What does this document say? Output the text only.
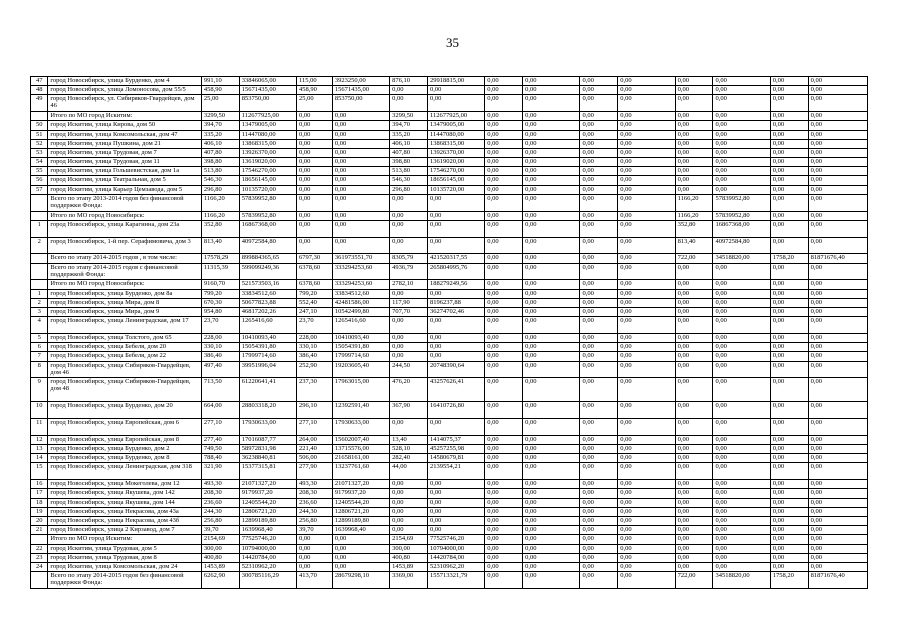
35
47	город Новосибирск, улица Бурденко, дом 4	991,10	33846065,00	115,00	3923250,00	876,10	29918815,00	0,00	0,00	0,00	0,00	0,00	0,00	0,00	0,00
48	город Новосибирск, улица Ломоносова, дом 55/5	458,90	15671435,00	458,90	15671435,00	0,00	0,00	0,00	0,00	0,00	0,00	0,00	0,00	0,00	0,00
49	город Новосибирск, ул. Сибиряков-Гвардейцев, дом 46	25,00	853750,00	25,00	853750,00	0,00	0,00	0,00	0,00	0,00	0,00	0,00	0,00	0,00	0,00
	Итого по МО город Искитим:	3299,50	112677925,00	0,00	0,00	3299,50	112677925,00	0,00	0,00	0,00	0,00	0,00	0,00	0,00	0,00
50	город Искитим, улица Кирова, дом 50	394,70	13479005,00	0,00	0,00	394,70	13479005,00	0,00	0,00	0,00	0,00	0,00	0,00	0,00	0,00
51	город Искитим, улица Комсомольская, дом 47	335,20	11447080,00	0,00	0,00	335,20	11447080,00	0,00	0,00	0,00	0,00	0,00	0,00	0,00	0,00
52	город Искитим, улица Пушкина, дом 21	406,10	13868315,00	0,00	0,00	406,10	13868315,00	0,00	0,00	0,00	0,00	0,00	0,00	0,00	0,00
53	город Искитим, улица Трудовая, дом 7	407,80	13926370,00	0,00	0,00	407,80	13926370,00	0,00	0,00	0,00	0,00	0,00	0,00	0,00	0,00
54	город Искитим, улица Трудовая, дом 11	398,80	13619020,00	0,00	0,00	398,80	13619020,00	0,00	0,00	0,00	0,00	0,00	0,00	0,00	0,00
55	город Искитим, улица Гольшевистская, дом 1а	513,80	17546270,00	0,00	0,00	513,80	17546270,00	0,00	0,00	0,00	0,00	0,00	0,00	0,00	0,00
56	город Искитим, улица Театральная, дом 5	546,30	18656145,00	0,00	0,00	546,30	18656145,00	0,00	0,00	0,00	0,00	0,00	0,00	0,00	0,00
57	город Искитим, улица Карьер Цемзавода, дом 5	296,80	10135720,00	0,00	0,00	296,80	10135720,00	0,00	0,00	0,00	0,00	0,00	0,00	0,00	0,00
	Всего по этапу 2013-2014 годов без финансовой поддержки Фонда:	1166,20	57839952,80	0,00	0,00	0,00	0,00	0,00	0,00	0,00	0,00	1166,20	57839952,80	0,00	0,00
	Итого по МО город Новосибирск:	1166,20	57839952,80	0,00	0,00	0,00	0,00	0,00	0,00	0,00	0,00	1166,20	57839952,80	0,00	0,00
1	город Новосибирск, улица Карагинна, дом 23а	352,80	16867368,00	0,00	0,00	0,00	0,00	0,00	0,00	0,00	0,00	352,80	16867368,00	0,00	0,00
2	город Новосибирск, 1-й пер. Серафимовича, дом 3	813,40	40972584,80	0,00	0,00	0,00	0,00	0,00	0,00	0,00	0,00	813,40	40972584,80	0,00	0,00
	Всего по этапу 2014-2015 годов , в том числе:	17578,29	899884365,65	6797,30	361973551,70	8305,79	421520317,55	0,00	0,00	0,00	0,00	722,00	34518820,00	1758,20	81871676,40
	Всего по этапу 2014-2015 годов с финансовой поддержкой Фонда:	11315,39	599099249,36	6378,60	333294253,60	4936,79	265804995,76	0,00	0,00	0,00	0,00	0,00	0,00	0,00	0,00
	Итого по МО город Новосибирск:	9160,70	521573503,16	6378,60	333294253,60	2782,10	188279249,56	0,00	0,00	0,00	0,00	0,00	0,00	0,00	0,00
1	город Новосибирск, улица Бурденко, дом 8а	799,20	33834512,60	799,20	33834512,60	0,00	0,00	0,00	0,00	0,00	0,00	0,00	0,00	0,00	0,00
2	город Новосибирск, улица Мира, дом 8	670,30	50677823,88	552,40	42481586,00	117,90	8196237,88	0,00	0,00	0,00	0,00	0,00	0,00	0,00	0,00
3	город Новосибирск, улица Мира, дом 9	954,80	46817202,26	247,10	10542499,80	707,70	36274702,46	0,00	0,00	0,00	0,00	0,00	0,00	0,00	0,00
4	город Новосибирск, улица Ленинградская, дом 17	23,70	1265416,60	23,70	1265416,60	0,00	0,00	0,00	0,00	0,00	0,00	0,00	0,00	0,00	0,00
5	город Новосибирск, улица Толстого, дом 65	228,00	10410093,40	228,00	10410093,40	0,00	0,00	0,00	0,00	0,00	0,00	0,00	0,00	0,00	0,00
6	город Новосибирск, улица Бебеля, дом 20	330,10	15054391,80	330,10	15054391,80	0,00	0,00	0,00	0,00	0,00	0,00	0,00	0,00	0,00	0,00
7	город Новосибирск, улица Бебеля, дом 22	386,40	17999714,60	386,40	17999714,60	0,00	0,00	0,00	0,00	0,00	0,00	0,00	0,00	0,00	0,00
8	город Новосибирск, улица Сибиряков-Гвардейцев, дом 46	497,40	39951996,04	252,90	19203605,40	244,50	20748390,64	0,00	0,00	0,00	0,00	0,00	0,00	0,00	0,00
9	город Новосибирск, улица Сибиряков-Гвардейцев, дом 48	713,50	61220641,41	237,30	17963015,00	476,20	43257626,41	0,00	0,00	0,00	0,00	0,00	0,00	0,00	0,00
10	город Новосибирск, улица Бурденко, дом 20	664,00	28803318,20	296,10	12392591,40	367,90	16410726,80	0,00	0,00	0,00	0,00	0,00	0,00	0,00	0,00
11	город Новосибирск, улица Европейская, дом 6	277,10	17930633,00	277,10	17930633,00	0,00	0,00	0,00	0,00	0,00	0,00	0,00	0,00	0,00	0,00
12	город Новосибирск, улица Европейская, дом 8	277,40	17016087,77	264,00	15602007,40	13,40	1414075,37	0,00	0,00	0,00	0,00	0,00	0,00	0,00	0,00
13	город Новосибирск, улица Бурденко, дом 2	749,50	58972831,98	221,40	13715576,00	528,10	45257255,98	0,00	0,00	0,00	0,00	0,00	0,00	0,00	0,00
14	город Новосибирск, улица Бурденко, дом 8	788,40	36238840,81	506,00	21658161,00	282,40	14580679,81	0,00	0,00	0,00	0,00	0,00	0,00	0,00	0,00
15	город Новосибирск, улица Ленинградская, дом 318	321,90	15377315,81	277,90	13237761,60	44,00	2139554,21	0,00	0,00	0,00	0,00	0,00	0,00	0,00	0,00
16	город Новосибирск, улица Мокеголева, дом 12	493,30	21071327,20	493,30	21071327,20	0,00	0,00	0,00	0,00	0,00	0,00	0,00	0,00	0,00	0,00
17	город Новосибирск, улица Якушева, дом 142	208,30	9179937,20	208,30	9179937,20	0,00	0,00	0,00	0,00	0,00	0,00	0,00	0,00	0,00	0,00
18	город Новосибирск, улица Якушева, дом 144	236,60	12405544,20	236,60	12405544,20	0,00	0,00	0,00	0,00	0,00	0,00	0,00	0,00	0,00	0,00
19	город Новосибирск, улица Некрасова, дом 43а	244,30	12806721,20	244,30	12806721,20	0,00	0,00	0,00	0,00	0,00	0,00	0,00	0,00	0,00	0,00
20	город Новосибирск, улица Некрасова, дом 43б	256,80	12899189,80	256,80	12899189,80	0,00	0,00	0,00	0,00	0,00	0,00	0,00	0,00	0,00	0,00
21	город Новосибирск, улица 2 Кирзавод, дом 7	39,70	1639968,40	39,70	1639968,40	0,00	0,00	0,00	0,00	0,00	0,00	0,00	0,00	0,00	0,00
	Итого по МО город Искитим:	2154,69	77525746,20	0,00	0,00	2154,69	77525746,20	0,00	0,00	0,00	0,00	0,00	0,00	0,00	0,00
22	город Искитим, улица Трудовая, дом 5	300,00	10794000,00	0,00	0,00	300,00	10794000,00	0,00	0,00	0,00	0,00	0,00	0,00	0,00	0,00
23	город Искитим, улица Трудовая, дом 8	400,80	14420784,00	0,00	0,00	400,80	14420784,00	0,00	0,00	0,00	0,00	0,00	0,00	0,00	0,00
24	город Искитим, улица Комсомольская, дом 24	1453,89	52310962,20	0,00	0,00	1453,89	52310962,20	0,00	0,00	0,00	0,00	0,00	0,00	0,00	0,00
	Всего по этапу 2014-2015 годов без финансовой поддержки Фонда:	6262,90	300785116,29	413,70	28679298,10	3369,00	155713321,79	0,00	0,00	0,00	0,00	722,00	34518820,00	1758,20	81871676,40
